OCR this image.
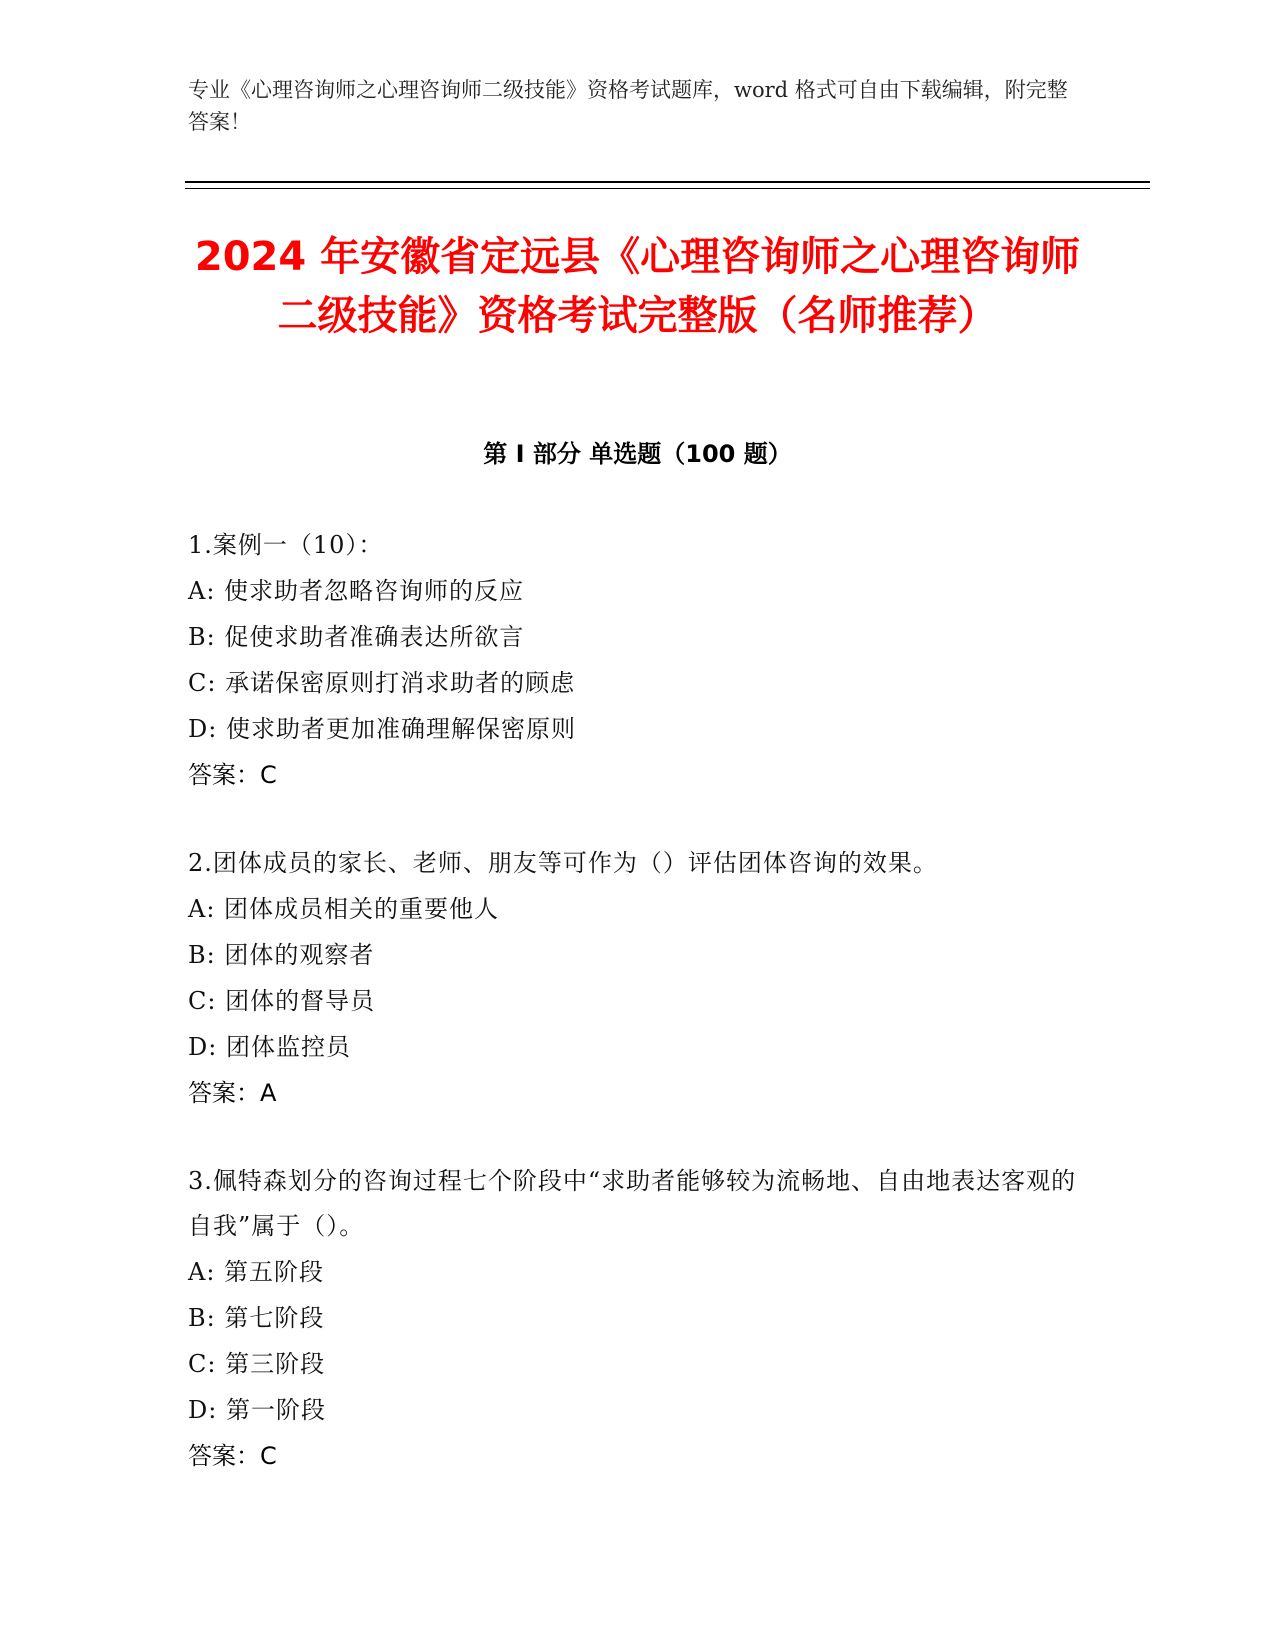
专业《心理咨询师之心理咨询师二级技能》资格考试题库，word 格式可自由下载编辑，附完整答案！
2024 年安徽省定远县《心理咨询师之心理咨询师二级技能》资格考试完整版（名师推荐）
第 I 部分 单选题（100 题）
1.案例一（10）：
A: 使求助者忽略咨询师的反应
B: 促使求助者准确表达所欲言
C: 承诺保密原则打消求助者的顾虑
D: 使求助者更加准确理解保密原则
答案：C
2.团体成员的家长、老师、朋友等可作为（）评估团体咨询的效果。
A: 团体成员相关的重要他人
B: 团体的观察者
C: 团体的督导员
D: 团体监控员
答案：A
3.佩特森划分的咨询过程七个阶段中“求助者能够较为流畅地、自由地表达客观的自我”属于（）。
A: 第五阶段
B: 第七阶段
C: 第三阶段
D: 第一阶段
答案：C
